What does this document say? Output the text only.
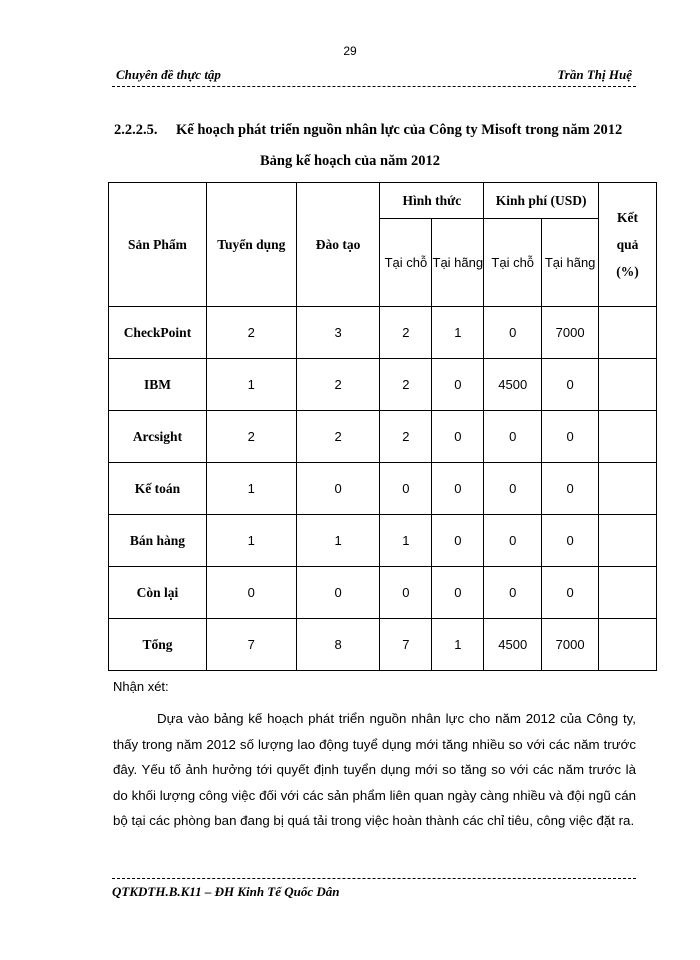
29
Chuyên đề thực tập	Trần Thị Huệ
2.2.2.5. Kế hoạch phát triển nguồn nhân lực của Công ty Misoft trong năm 2012
Bảng kế hoạch của năm 2012
Sản Phẩm	Tuyển dụng	Đào tạo	Hình thức		Kinh phí (USD)		Kết
quả
(%)

			Tại chỗ	Tại hãng	Tại chỗ	Tại hãng	
CheckPoint	2	3	2	1	0	7000	
IBM	1	2	2	0	4500	0	
Arcsight	2	2	2	0	0	0	
Kế toán	1	0	0	0	0	0	
Bán hàng	1	1	1	0	0	0	
Còn lại	0	0	0	0	0	0	
Tổng	7	8	7	1	4500	7000	
Nhận xét:

Dựa vào bảng kế hoạch phát triển nguồn nhân lực cho năm 2012 của Công ty, thấy trong năm 2012 số lượng lao động tuyể dụng mới tăng nhiều so với các năm trước đây. Yếu tố ảnh hưởng tới quyết định tuyển dụng mới so tăng so với các năm trước là do khối lượng công việc đối với các sản phẩm liên quan ngày càng nhiều và đội ngũ cán bộ tại các phòng ban đang bị quá tải trong việc hoàn thành các chỉ tiêu, công việc đặt ra.

QTKDTH.B.K11 – ĐH Kinh Tế Quốc Dân
